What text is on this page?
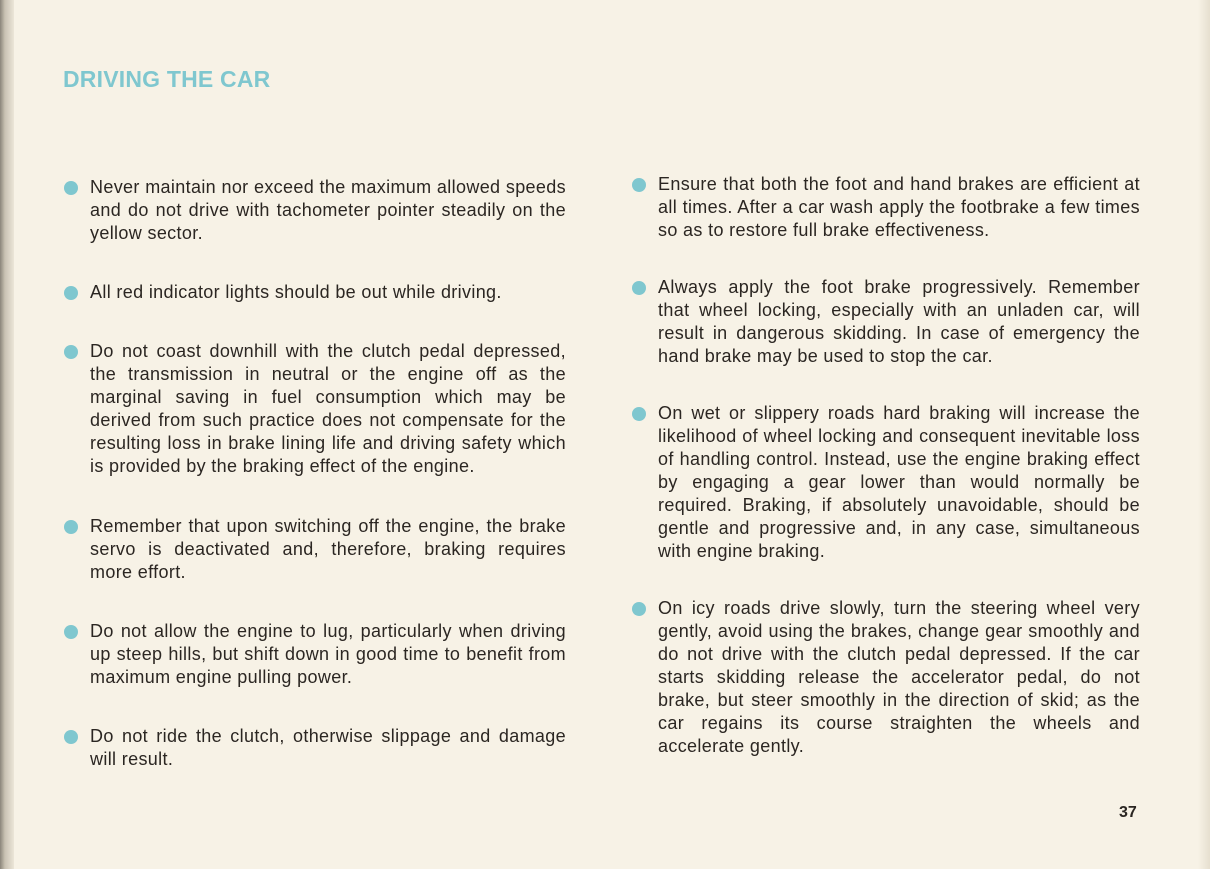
DRIVING THE CAR
Never maintain nor exceed the maximum allowed speeds and do not drive with tachometer pointer steadily on the yellow sector.
All red indicator lights should be out while driving.
Do not coast downhill with the clutch pedal depressed, the transmission in neutral or the engine off as the marginal saving in fuel consumption which may be derived from such practice does not compensate for the resulting loss in brake lining life and driving safety which is provided by the braking effect of the engine.
Remember that upon switching off the engine, the brake servo is deactivated and, therefore, braking requires more effort.
Do not allow the engine to lug, particularly when driving up steep hills, but shift down in good time to benefit from maximum engine pulling power.
Do not ride the clutch, otherwise slippage and damage will result.
Ensure that both the foot and hand brakes are efficient at all times. After a car wash apply the footbrake a few times so as to restore full brake effectiveness.
Always apply the foot brake progressively. Remember that wheel locking, especially with an unladen car, will result in dangerous skidding. In case of emergency the hand brake may be used to stop the car.
On wet or slippery roads hard braking will increase the likelihood of wheel locking and consequent inevitable loss of handling control. Instead, use the engine braking effect by engaging a gear lower than would normally be required. Braking, if absolutely unavoidable, should be gentle and progressive and, in any case, simultaneous with engine braking.
On icy roads drive slowly, turn the steering wheel very gently, avoid using the brakes, change gear smoothly and do not drive with the clutch pedal depressed. If the car starts skidding release the accelerator pedal, do not brake, but steer smoothly in the direction of skid; as the car regains its course straighten the wheels and accelerate gently.
37
